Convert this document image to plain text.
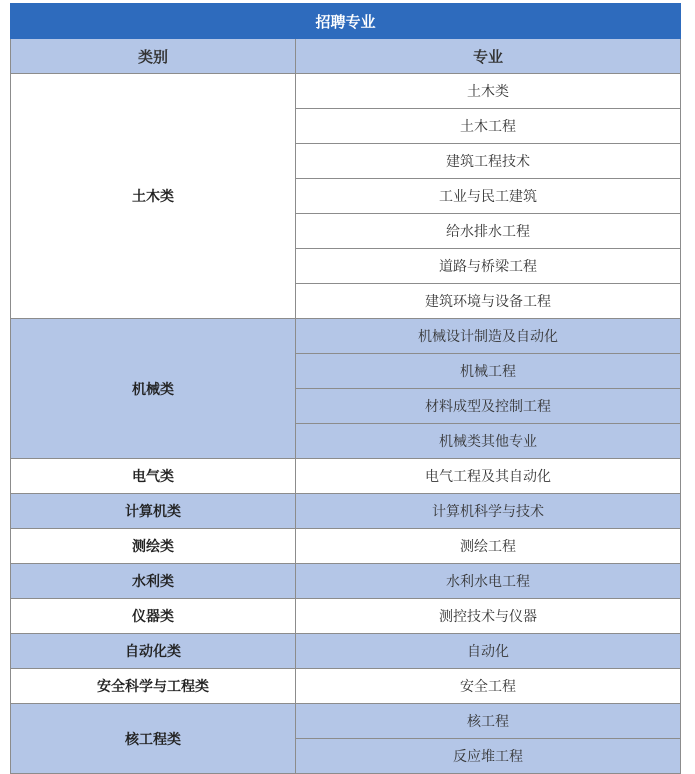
招聘专业	
类别	专业
土木类	土木类
	土木工程
	建筑工程技术
	工业与民工建筑
	给水排水工程
	道路与桥梁工程
	建筑环境与设备工程
机械类	机械设计制造及自动化
	机械工程
	材料成型及控制工程
	机械类其他专业
电气类	电气工程及其自动化
计算机类	计算机科学与技术
测绘类	测绘工程
水利类	水利水电工程
仪器类	测控技术与仪器
自动化类	自动化
安全科学与工程类	安全工程
核工程类	核工程
	反应堆工程
